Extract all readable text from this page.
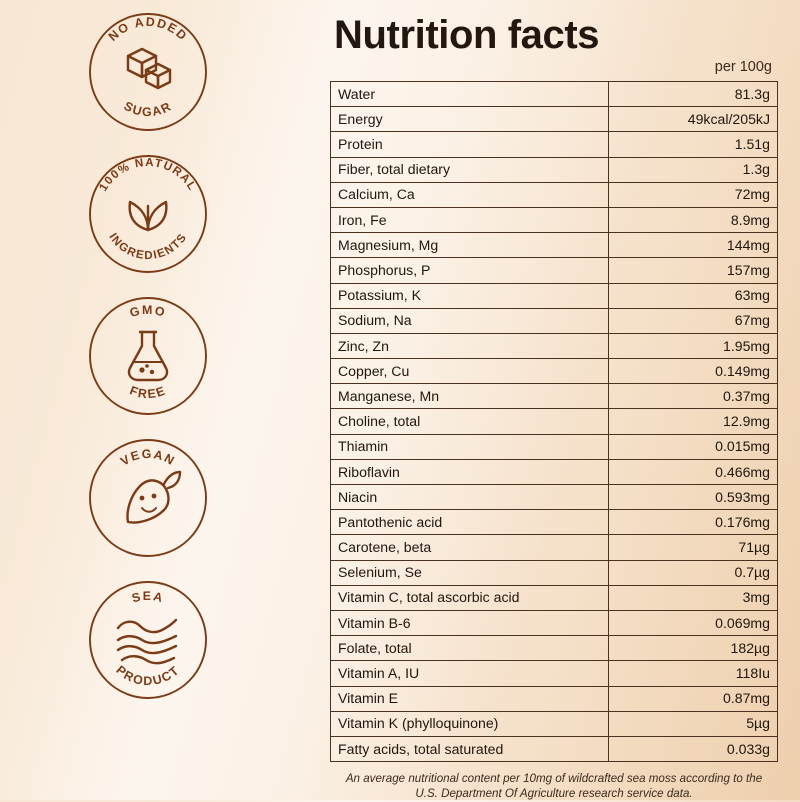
NO ADDED
SUGAR
100% NATURAL
INGREDIENTS
GMO
FREE
VEGAN
SEA
PRODUCT
Nutrition facts
per 100g
Water	81.3g
Energy	49kcal/205kJ
Protein	1.51g
Fiber, total dietary	1.3g
Calcium, Ca	72mg
Iron, Fe	8.9mg
Magnesium, Mg	144mg
Phosphorus, P	157mg
Potassium, K	63mg
Sodium, Na	67mg
Zinc, Zn	1.95mg
Copper, Cu	0.149mg
Manganese, Mn	0.37mg
Choline, total	12.9mg
Thiamin	0.015mg
Riboflavin	0.466mg
Niacin	0.593mg
Pantothenic acid	0.176mg
Carotene, beta	71µg
Selenium, Se	0.7µg
Vitamin C, total ascorbic acid	3mg
Vitamin B-6	0.069mg
Folate, total	182µg
Vitamin A, IU	118Iu
Vitamin E	0.87mg
Vitamin K (phylloquinone)	5µg
Fatty acids, total saturated	0.033g
An average nutritional content per 10mg of wildcrafted sea moss according to the U.S. Department Of Agriculture research service data.
